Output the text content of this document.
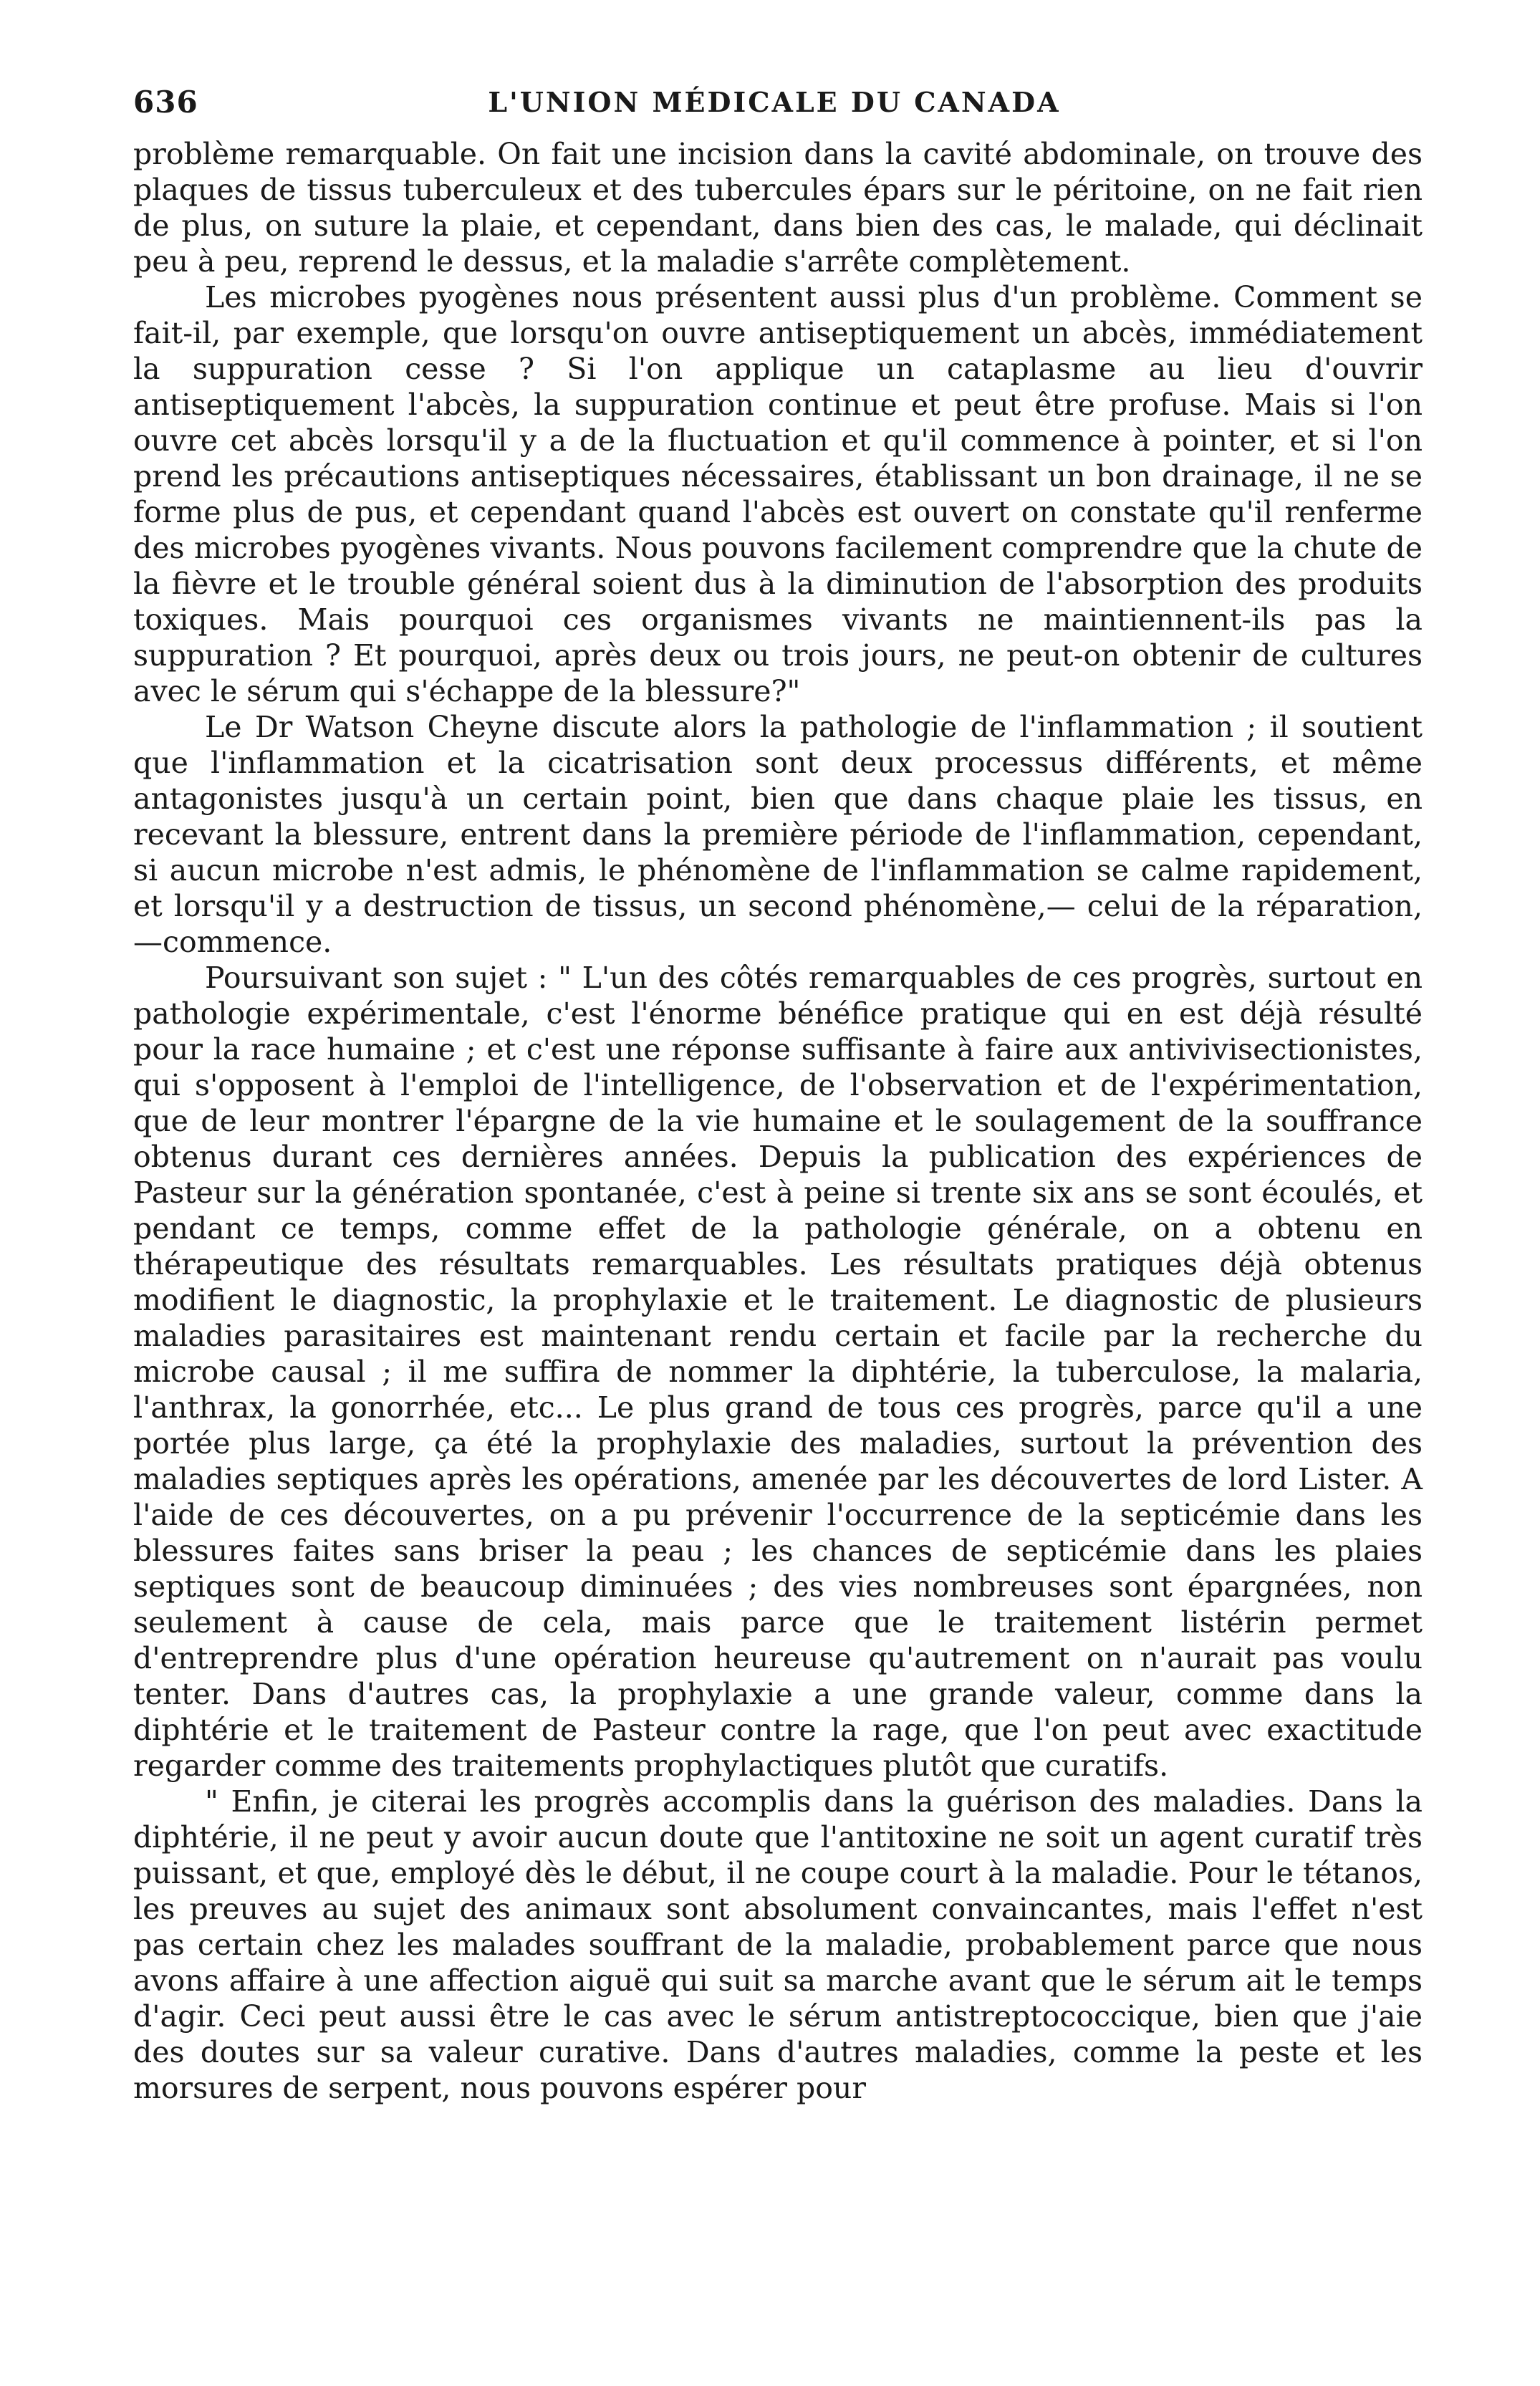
636	L'UNION MÉDICALE DU CANADA

problème remarquable. On fait une incision dans la cavité abdominale, on trouve des plaques de tissus tuberculeux et des tubercules épars sur le péritoine, on ne fait rien de plus, on suture la plaie, et cependant, dans bien des cas, le malade, qui déclinait peu à peu, reprend le dessus, et la maladie s'arrête complètement.

Les microbes pyogènes nous présentent aussi plus d'un problème. Comment se fait-il, par exemple, que lorsqu'on ouvre antiseptiquement un abcès, immédiatement la suppuration cesse ? Si l'on applique un cataplasme au lieu d'ouvrir antiseptiquement l'abcès, la suppuration continue et peut être profuse. Mais si l'on ouvre cet abcès lorsqu'il y a de la fluctuation et qu'il commence à pointer, et si l'on prend les précautions antiseptiques nécessaires, établissant un bon drainage, il ne se forme plus de pus, et cependant quand l'abcès est ouvert on constate qu'il renferme des microbes pyogènes vivants. Nous pouvons facilement comprendre que la chute de la fièvre et le trouble général soient dus à la diminution de l'absorption des produits toxiques. Mais pourquoi ces organismes vivants ne maintiennent-ils pas la suppuration ? Et pourquoi, après deux ou trois jours, ne peut-on obtenir de cultures avec le sérum qui s'échappe de la blessure?"

Le Dr Watson Cheyne discute alors la pathologie de l'inflammation ; il soutient que l'inflammation et la cicatrisation sont deux processus différents, et même antagonistes jusqu'à un certain point, bien que dans chaque plaie les tissus, en recevant la blessure, entrent dans la première période de l'inflammation, cependant, si aucun microbe n'est admis, le phénomène de l'inflammation se calme rapidement, et lorsqu'il y a destruction de tissus, un second phénomène,— celui de la réparation,—commence.

Poursuivant son sujet : " L'un des côtés remarquables de ces progrès, surtout en pathologie expérimentale, c'est l'énorme bénéfice pratique qui en est déjà résulté pour la race humaine ; et c'est une réponse suffisante à faire aux antivivisectionistes, qui s'opposent à l'emploi de l'intelligence, de l'observation et de l'expérimentation, que de leur montrer l'épargne de la vie humaine et le soulagement de la souffrance obtenus durant ces dernières années. Depuis la publication des expériences de Pasteur sur la génération spontanée, c'est à peine si trente six ans se sont écoulés, et pendant ce temps, comme effet de la pathologie générale, on a obtenu en thérapeutique des résultats remarquables. Les résultats pratiques déjà obtenus modifient le diagnostic, la prophylaxie et le traitement. Le diagnostic de plusieurs maladies parasitaires est maintenant rendu certain et facile par la recherche du microbe causal ; il me suffira de nommer la diphtérie, la tuberculose, la malaria, l'anthrax, la gonorrhée, etc... Le plus grand de tous ces progrès, parce qu'il a une portée plus large, ça été la prophylaxie des maladies, surtout la prévention des maladies septiques après les opérations, amenée par les découvertes de lord Lister. A l'aide de ces découvertes, on a pu prévenir l'occurrence de la septicémie dans les blessures faites sans briser la peau ; les chances de septicémie dans les plaies septiques sont de beaucoup diminuées ; des vies nombreuses sont épargnées, non seulement à cause de cela, mais parce que le traitement listérin permet d'entreprendre plus d'une opération heureuse qu'autrement on n'aurait pas voulu tenter. Dans d'autres cas, la prophylaxie a une grande valeur, comme dans la diphtérie et le traitement de Pasteur contre la rage, que l'on peut avec exactitude regarder comme des traitements prophylactiques plutôt que curatifs.

" Enfin, je citerai les progrès accomplis dans la guérison des maladies. Dans la diphtérie, il ne peut y avoir aucun doute que l'antitoxine ne soit un agent curatif très puissant, et que, employé dès le début, il ne coupe court à la maladie. Pour le tétanos, les preuves au sujet des animaux sont absolument convaincantes, mais l'effet n'est pas certain chez les malades souffrant de la maladie, probablement parce que nous avons affaire à une affection aiguë qui suit sa marche avant que le sérum ait le temps d'agir. Ceci peut aussi être le cas avec le sérum antistreptococcique, bien que j'aie des doutes sur sa valeur curative. Dans d'autres maladies, comme la peste et les morsures de serpent, nous pouvons espérer pour
